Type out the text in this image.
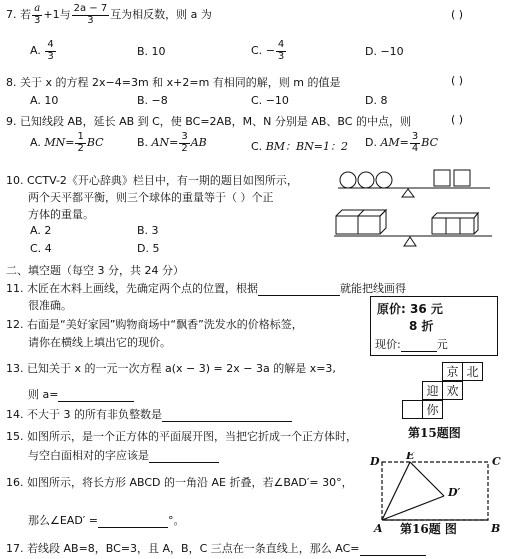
7. 若 $\frac{a}{3} +1$与 $\frac{2a - 7}{3}$ 互为相反数，则 a 为	( )
A. $\frac{4}{3}$	B. 10	C. − $\frac{4}{3}$	D. −10
8. 关于 x 的方程 2x−4=3m 和 x+2=m 有相同的解，则 m 的值是	( )
A. 10	B. −8	C. −10	D. 8
9. 已知线段 AB，延长 AB 到 C，使 BC=2AB，M、N 分别是 AB、BC 的中点，则	( )
A. $MN= \frac{1}{2}$ BC	B. $AN= \frac{3}{2}$ AB	C. BM：BN=1：2 D. $AM= \frac{3}{4}$ BC
10. CCTV-2《开心辞典》栏目中，有一期的题目如图所示，
两个天平都平衡，则三个球体的重量等于（ ）个正
方体的重量。
A. 2	B. 3
C. 4	D. 5
二、填空题（每空 3 分，共 24 分）
11. 木匠在木料上画线，先确定两个点的位置，根据	就能把线画得
很准确。
12. 右面是“美好家园”购物商场中“飘香”洗发水的价格标签，
请你在横线上填出它的现价。
原价: 36 元
8 折
现价:	元
13. 已知关于 x 的一元一次方程 a(x − 3) = 2x − 3a 的解是 x=3,
则 a=
14. 不大于 3 的所有非负整数是
15. 如图所示，是一个正方体的平面展开图，当把它折成一个正方体时，
与空白面相对的字应该是
京 北
迎 欢
你
第15题图
16. 如图所示，将长方形 ABCD 的一角沿 AE 折叠，若∠BAD′= 30°，
那么∠EAD′ =	°。
D E	C
D′
A	B
第16题 图
17. 若线段 AB=8，BC=3，且 A，B，C 三点在一条直线上，那么 AC=
